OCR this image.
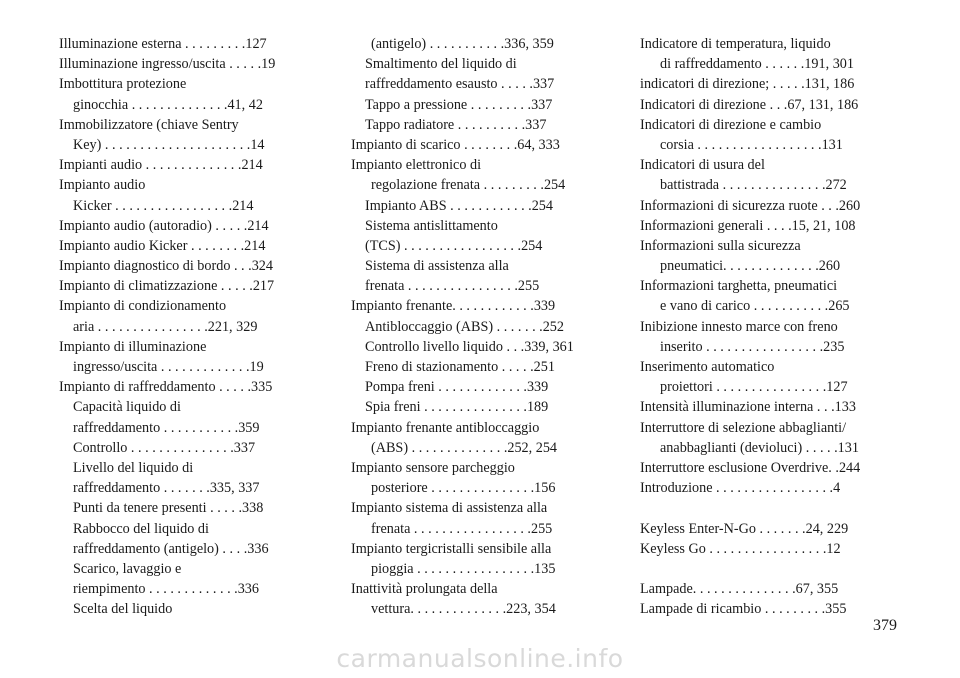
Illuminazione esterna . . . . . . . . .127
Illuminazione ingresso/uscita . . . . .19
Imbottitura protezione
ginocchia . . . . . . . . . . . . . .41, 42
Immobilizzatore (chiave Sentry
Key) . . . . . . . . . . . . . . . . . . . . .14
Impianti audio . . . . . . . . . . . . . .214
Impianto audio
Kicker . . . . . . . . . . . . . . . . .214
Impianto audio (autoradio) . . . . .214
Impianto audio Kicker . . . . . . . .214
Impianto diagnostico di bordo . . .324
Impianto di climatizzazione . . . . .217
Impianto di condizionamento
aria . . . . . . . . . . . . . . . .221, 329
Impianto di illuminazione
ingresso/uscita . . . . . . . . . . . . .19
Impianto di raffreddamento . . . . .335
Capacità liquido di
raffreddamento . . . . . . . . . . .359
Controllo . . . . . . . . . . . . . . .337
Livello del liquido di
raffreddamento . . . . . . .335, 337
Punti da tenere presenti . . . . .338
Rabbocco del liquido di
raffreddamento (antigelo) . . . .336
Scarico, lavaggio e
riempimento . . . . . . . . . . . . .336
Scelta del liquido
(antigelo) . . . . . . . . . . .336, 359
Smaltimento del liquido di
raffreddamento esausto . . . . .337
Tappo a pressione . . . . . . . . .337
Tappo radiatore . . . . . . . . . .337
Impianto di scarico . . . . . . . .64, 333
Impianto elettronico di
regolazione frenata . . . . . . . . .254
Impianto ABS . . . . . . . . . . . .254
Sistema antislittamento
(TCS) . . . . . . . . . . . . . . . . .254
Sistema di assistenza alla
frenata . . . . . . . . . . . . . . . .255
Impianto frenante. . . . . . . . . . . .339
Antibloccaggio (ABS) . . . . . . .252
Controllo livello liquido . . .339, 361
Freno di stazionamento . . . . .251
Pompa freni . . . . . . . . . . . . .339
Spia freni . . . . . . . . . . . . . . .189
Impianto frenante antibloccaggio
(ABS) . . . . . . . . . . . . . .252, 254
Impianto sensore parcheggio
posteriore . . . . . . . . . . . . . . .156
Impianto sistema di assistenza alla
frenata . . . . . . . . . . . . . . . . .255
Impianto tergicristalli sensibile alla
pioggia . . . . . . . . . . . . . . . . .135
Inattività prolungata della
vettura. . . . . . . . . . . . . .223, 354
Indicatore di temperatura, liquido
di raffreddamento . . . . . .191, 301
indicatori di direzione; . . . . .131, 186
Indicatori di direzione . . .67, 131, 186
Indicatori di direzione e cambio
corsia . . . . . . . . . . . . . . . . . .131
Indicatori di usura del
battistrada . . . . . . . . . . . . . . .272
Informazioni di sicurezza ruote . . .260
Informazioni generali . . . .15, 21, 108
Informazioni sulla sicurezza
pneumatici. . . . . . . . . . . . . .260
Informazioni targhetta, pneumatici
e vano di carico . . . . . . . . . . .265
Inibizione innesto marce con freno
inserito . . . . . . . . . . . . . . . . .235
Inserimento automatico
proiettori . . . . . . . . . . . . . . . .127
Intensità illuminazione interna . . .133
Interruttore di selezione abbaglianti/
anabbaglianti (devioluci) . . . . .131
Interruttore esclusione Overdrive. .244
Introduzione . . . . . . . . . . . . . . . . .4
Keyless Enter-N-Go . . . . . . .24, 229
Keyless Go . . . . . . . . . . . . . . . . .12
Lampade. . . . . . . . . . . . . . .67, 355
Lampade di ricambio . . . . . . . . .355
379
carmanualsonline.info
